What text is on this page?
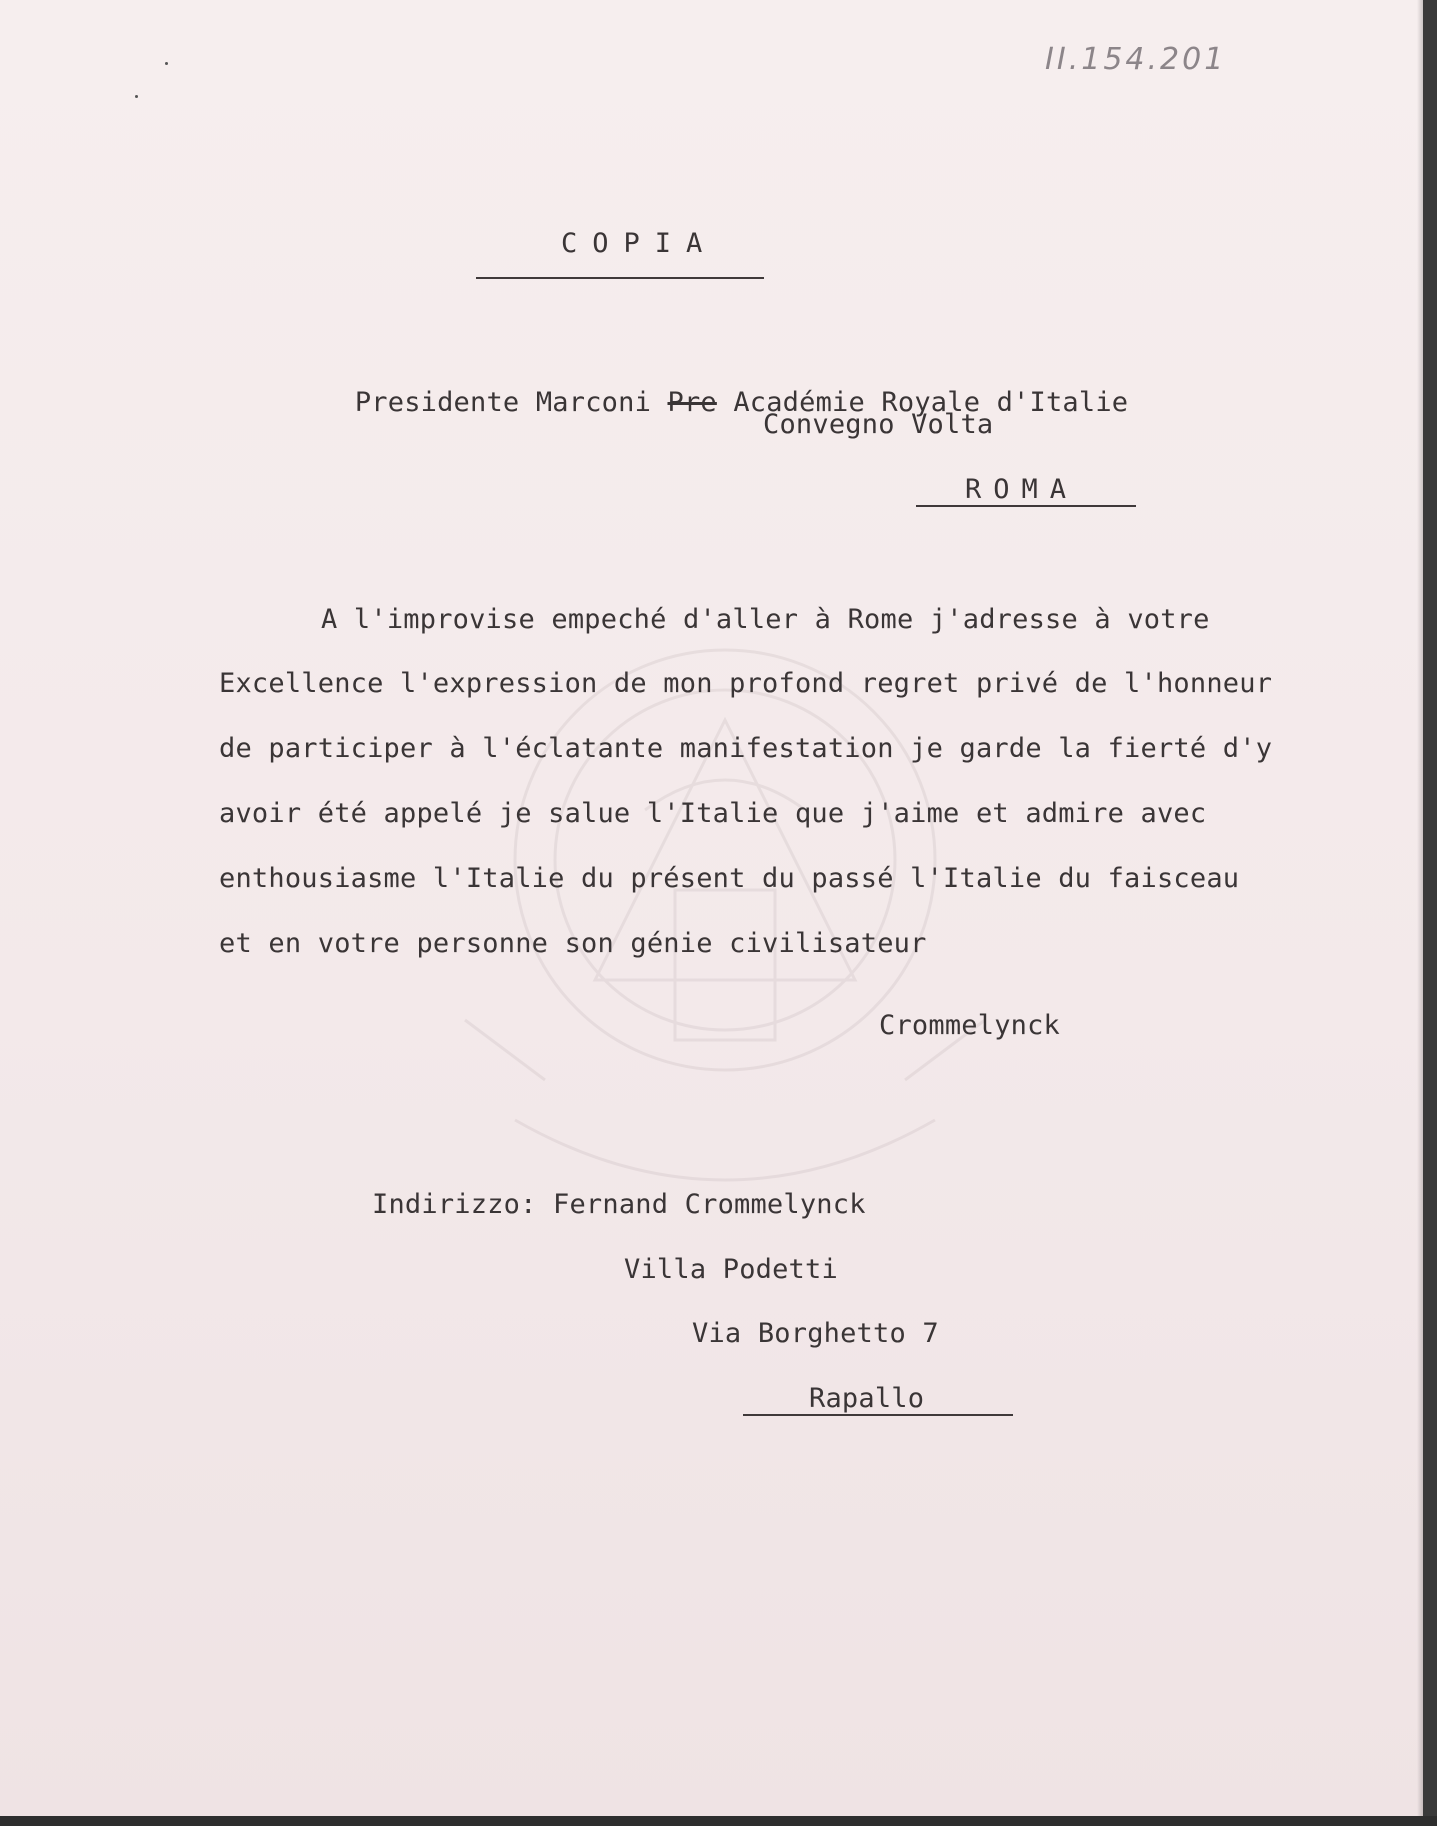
II.154.201
COPIA

Presidente Marconi Pre Académie Royale d'Italie

Convegno Volta
ROMA
A l'improvise empeché d'aller à Rome j'adresse à votre
Excellence l'expression de mon profond regret privé de l'honneur
de participer à l'éclatante manifestation je garde la fierté d'y
avoir été appelé je salue l'Italie que j'aime et admire avec
enthousiasme l'Italie du présent du passé l'Italie du faisceau
et en votre personne son génie civilisateur
Crommelynck
Indirizzo: Fernand Crommelynck
Villa Podetti
Via Borghetto 7
Rapallo
